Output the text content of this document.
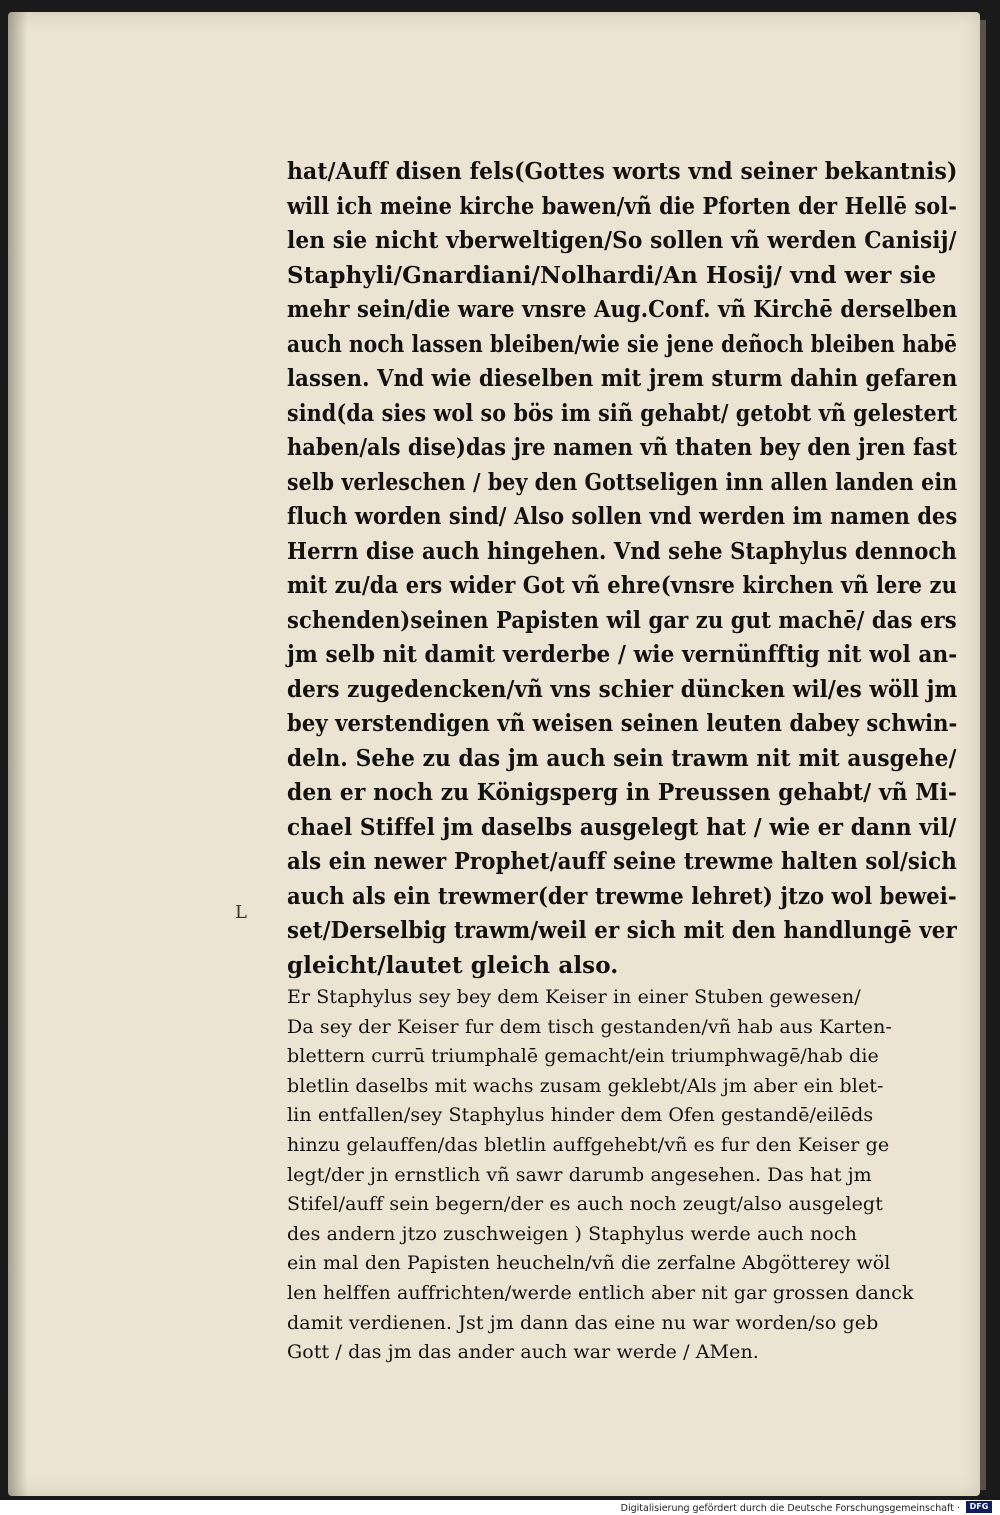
L

hat/Auff disen fels(Gottes worts vnd seiner bekantnis)

will ich meine kirche bawen/vñ die Pforten der Hellē sol-

len sie nicht vberweltigen/So sollen vñ werden Canisij/

Staphyli/Gnardiani/Nolhardi/An Hosij/ vnd wer sie

mehr sein/die ware vnsre Aug.Conf. vñ Kirchē derselben

auch noch lassen bleiben/wie sie jene deñoch bleiben habē

lassen. Vnd wie dieselben mit jrem sturm dahin gefaren

sind(da sies wol so bös im siñ gehabt/ getobt vñ gelestert

haben/als dise)das jre namen vñ thaten bey den jren fast

selb verleschen / bey den Gottseligen inn allen landen ein

fluch worden sind/ Also sollen vnd werden im namen des

Herrn dise auch hingehen. Vnd sehe Staphylus dennoch

mit zu/da ers wider Got vñ ehre(vnsre kirchen vñ lere zu

schenden)seinen Papisten wil gar zu gut machē/ das ers

jm selb nit damit verderbe / wie vernünfftig nit wol an-

ders zugedencken/vñ vns schier düncken wil/es wöll jm

bey verstendigen vñ weisen seinen leuten dabey schwin-

deln. Sehe zu das jm auch sein trawm nit mit ausgehe/

den er noch zu Königsperg in Preussen gehabt/ vñ Mi-

chael Stiffel jm daselbs ausgelegt hat / wie er dann vil/

als ein newer Prophet/auff seine trewme halten sol/sich

auch als ein trewmer(der trewme lehret) jtzo wol bewei-

set/Derselbig trawm/weil er sich mit den handlungē ver

gleicht/lautet gleich also.

Er Staphylus sey bey dem Keiser in einer Stuben gewesen/

Da sey der Keiser fur dem tisch gestanden/vñ hab aus Karten-

blettern currū triumphalē gemacht/ein triumphwagē/hab die

bletlin daselbs mit wachs zusam geklebt/Als jm aber ein blet-

lin entfallen/sey Staphylus hinder dem Ofen gestandē/eilēds

hinzu gelauffen/das bletlin auffgehebt/vñ es fur den Keiser ge

legt/der jn ernstlich vñ sawr darumb angesehen. Das hat jm

Stifel/auff sein begern/der es auch noch zeugt/also ausgelegt

des andern jtzo zuschweigen ) Staphylus werde auch noch

ein mal den Papisten heucheln/vñ die zerfalne Abgötterey wöl

len helffen auffrichten/werde entlich aber nit gar grossen danck

damit verdienen. Jst jm dann das eine nu war worden/so geb

Gott / das jm das ander auch war werde / AMen.

Digitalisierung gefördert durch die Deutsche Forschungsgemeinschaft ·	DFG
